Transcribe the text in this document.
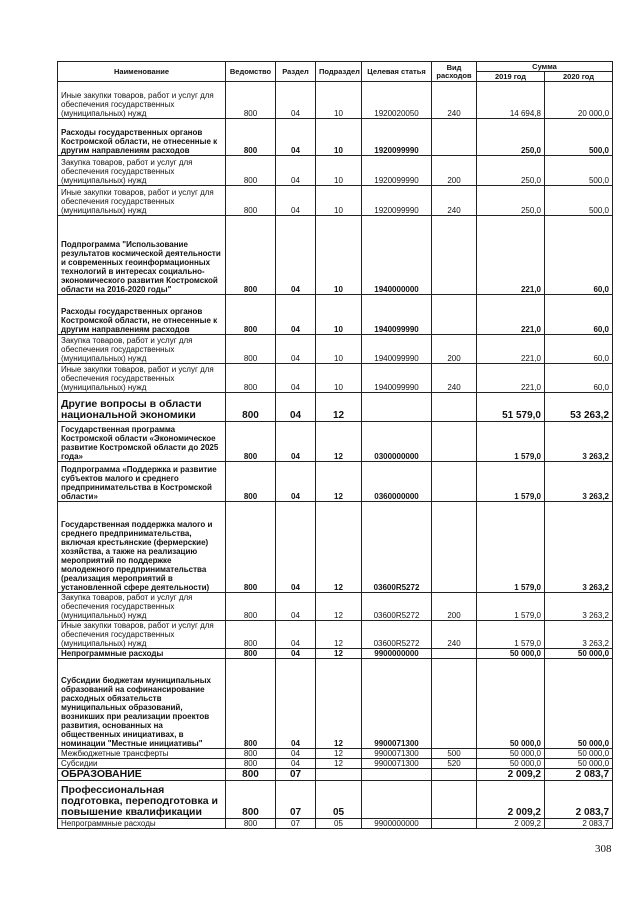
Наименование	Ведомство	Раздел	Подраздел	Целевая статья	Вид расходов	Сумма	
						2019 год	2020 год
Иные закупки товаров, работ и услуг для обеспечения государственных (муниципальных) нужд	800	04	10	1920020050	240	14 694,8	20 000,0
Расходы государственных органов Костромской области, не отнесенные к другим направлениям расходов	800	04	10	1920099990		250,0	500,0
Закупка товаров, работ и услуг для обеспечения государственных (муниципальных) нужд	800	04	10	1920099990	200	250,0	500,0
Иные закупки товаров, работ и услуг для обеспечения государственных (муниципальных) нужд	800	04	10	1920099990	240	250,0	500,0
Подпрограмма "Использование результатов космической деятельности и современных геоинформационных технологий в интересах социально-экономического развития Костромской области на 2016-2020 годы"	800	04	10	1940000000		221,0	60,0
Расходы государственных органов Костромской области, не отнесенные к другим направлениям расходов	800	04	10	1940099990		221,0	60,0
Закупка товаров, работ и услуг для обеспечения государственных (муниципальных) нужд	800	04	10	1940099990	200	221,0	60,0
Иные закупки товаров, работ и услуг для обеспечения государственных (муниципальных) нужд	800	04	10	1940099990	240	221,0	60,0
Другие вопросы в области национальной экономики	800	04	12			51 579,0	53 263,2
Государственная программа Костромской области «Экономическое развитие Костромской области до 2025 года»	800	04	12	0300000000		1 579,0	3 263,2
Подпрограмма «Поддержка и развитие субъектов малого и среднего предпринимательства в Костромской области»	800	04	12	0360000000		1 579,0	3 263,2
Государственная поддержка малого и среднего предпринимательства, включая крестьянские (фермерские) хозяйства, а также на реализацию мероприятий по поддержке молодежного предпринимательства (реализация мероприятий в установленной сфере деятельности)	800	04	12	03600R5272		1 579,0	3 263,2
Закупка товаров, работ и услуг для обеспечения государственных (муниципальных) нужд	800	04	12	03600R5272	200	1 579,0	3 263,2
Иные закупки товаров, работ и услуг для обеспечения государственных (муниципальных) нужд	800	04	12	03600R5272	240	1 579,0	3 263,2
Непрограммные расходы	800	04	12	9900000000		50 000,0	50 000,0
Субсидии бюджетам муниципальных образований на софинансирование расходных обязательств муниципальных образований, возникших при реализации проектов развития, основанных на общественных инициативах, в номинации "Местные инициативы"	800	04	12	9900071300		50 000,0	50 000,0
Межбюджетные трансферты	800	04	12	9900071300	500	50 000,0	50 000,0
Субсидии	800	04	12	9900071300	520	50 000,0	50 000,0
ОБРАЗОВАНИЕ	800	07				2 009,2	2 083,7
Профессиональная подготовка, переподготовка и повышение квалификации	800	07	05			2 009,2	2 083,7
Непрограммные расходы	800	07	05	9900000000		2 009,2	2 083,7
308
